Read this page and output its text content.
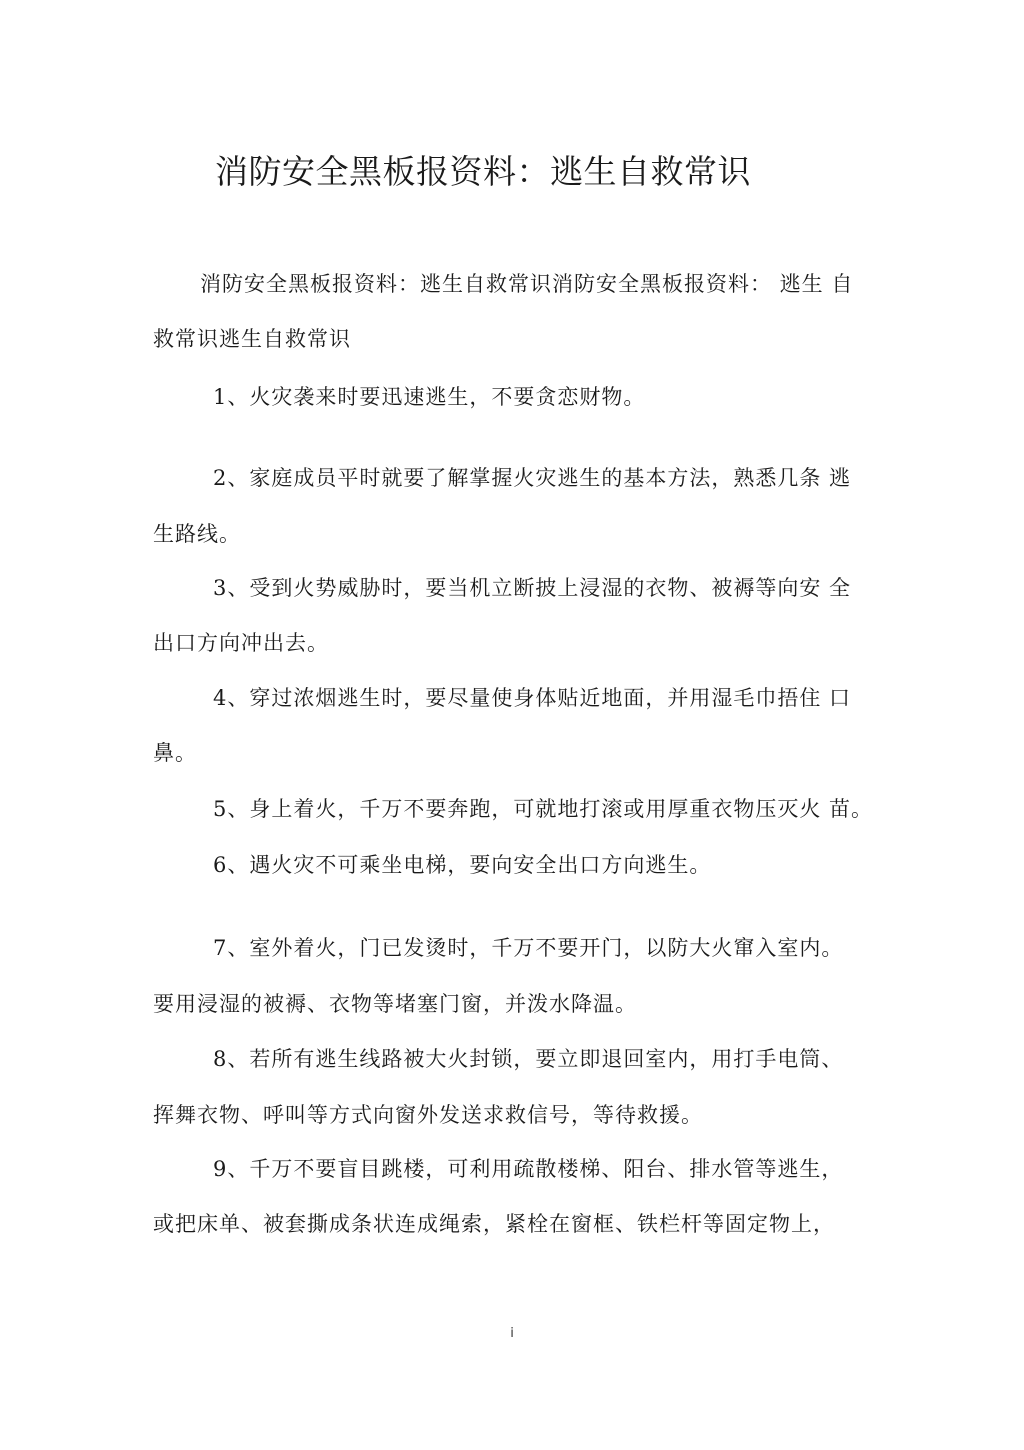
消防安全黑板报资料：逃生自救常识
消防安全黑板报资料：逃生自救常识消防安全黑板报资料： 逃生 自
救常识逃生自救常识
1、火灾袭来时要迅速逃生，不要贪恋财物。
2、家庭成员平时就要了解掌握火灾逃生的基本方法，熟悉几条 逃
生路线。
3、受到火势威胁时，要当机立断披上浸湿的衣物、被褥等向安 全
出口方向冲出去。
4、穿过浓烟逃生时，要尽量使身体贴近地面，并用湿毛巾捂住 口
鼻。
5、身上着火，千万不要奔跑，可就地打滚或用厚重衣物压灭火 苗。
6、遇火灾不可乘坐电梯，要向安全出口方向逃生。
7、室外着火，门已发烫时，千万不要开门，以防大火窜入室内。
要用浸湿的被褥、衣物等堵塞门窗，并泼水降温。
8、若所有逃生线路被大火封锁，要立即退回室内，用打手电筒、
挥舞衣物、呼叫等方式向窗外发送求救信号，等待救援。
9、千万不要盲目跳楼，可利用疏散楼梯、阳台、排水管等逃生，
或把床单、被套撕成条状连成绳索，紧栓在窗框、铁栏杆等固定物上，
i
